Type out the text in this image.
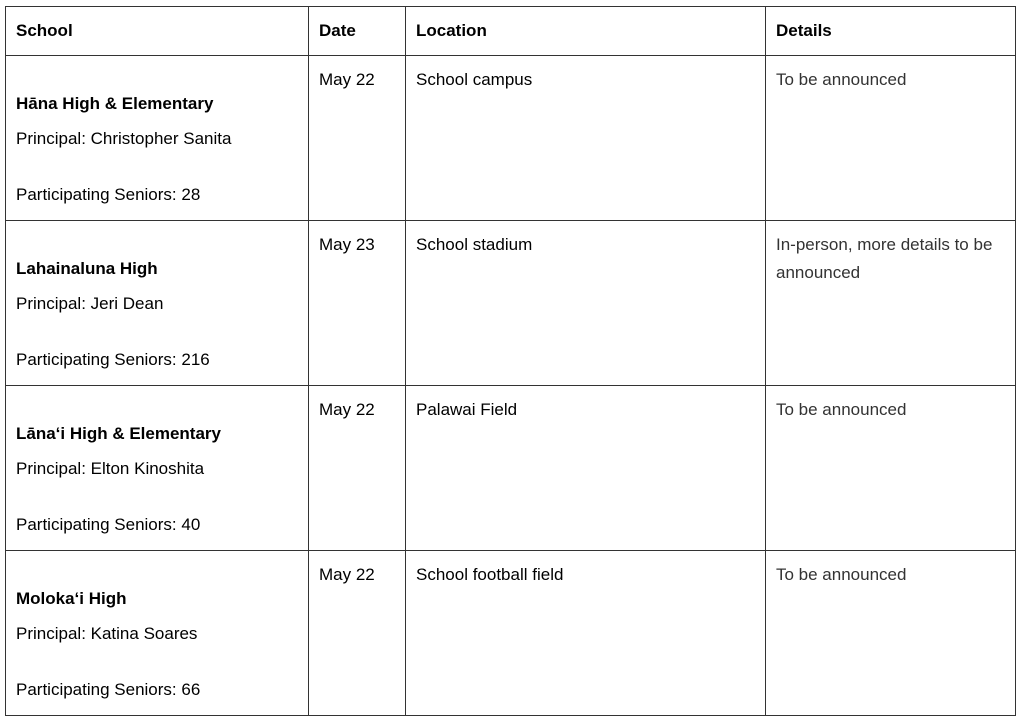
School	Date	Location	Details

Hāna High & Elementary
Principal: Christopher Sanita
Participating Seniors: 28	May 22	School campus	To be announced

Lahainaluna High
Principal: Jeri Dean
Participating Seniors: 216	May 23	School stadium	In-person, more details to be announced

Lāna‘i High & Elementary
Principal: Elton Kinoshita
Participating Seniors: 40	May 22	Palawai Field	To be announced

Moloka‘i High
Principal: Katina Soares
Participating Seniors: 66	May 22	School football field	To be announced
